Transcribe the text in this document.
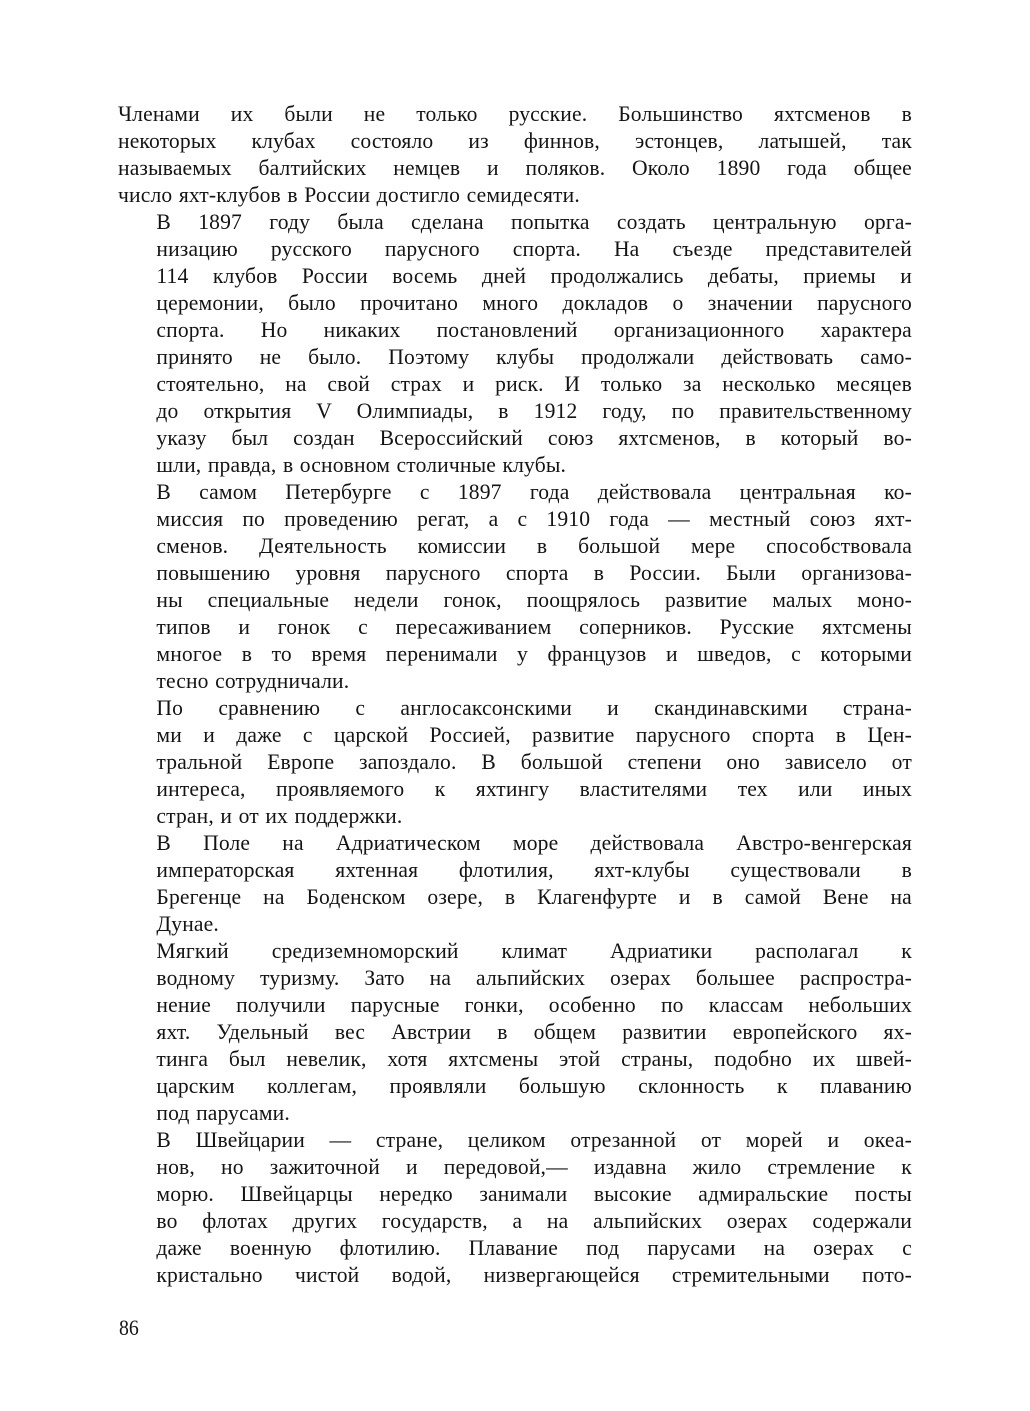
Членами их были не только русские. Большинство яхтсменов в
некоторых клубах состояло из финнов, эстонцев, латышей, так
называемых балтийских немцев и поляков. Около 1890 года общее
число яхт-клубов в России достигло семидесяти.

В 1897 году была сделана попытка создать центральную орга-
низацию русского парусного спорта. На съезде представителей
114 клубов России восемь дней продолжались дебаты, приемы и
церемонии, было прочитано много докладов о значении парусного
спорта. Но никаких постановлений организационного характера
принято не было. Поэтому клубы продолжали действовать само-
стоятельно, на свой страх и риск. И только за несколько месяцев
до открытия V Олимпиады, в 1912 году, по правительственному
указу был создан Всероссийский союз яхтсменов, в который во-
шли, правда, в основном столичные клубы.

В самом Петербурге с 1897 года действовала центральная ко-
миссия по проведению регат, а с 1910 года — местный союз яхт-
сменов. Деятельность комиссии в большой мере способствовала
повышению уровня парусного спорта в России. Были организова-
ны специальные недели гонок, поощрялось развитие малых моно-
типов и гонок с пересаживанием соперников. Русские яхтсмены
многое в то время перенимали у французов и шведов, с которыми
тесно сотрудничали.

По сравнению с англосаксонскими и скандинавскими страна-
ми и даже с царской Россией, развитие парусного спорта в Цен-
тральной Европе запоздало. В большой степени оно зависело от
интереса, проявляемого к яхтингу властителями тех или иных
стран, и от их поддержки.

В Поле на Адриатическом море действовала Австро-венгерская
императорская яхтенная флотилия, яхт-клубы существовали в
Брегенце на Боденском озере, в Клагенфурте и в самой Вене на
Дунае.

Мягкий средиземноморский климат Адриатики располагал к
водному туризму. Зато на альпийских озерах большее распростра-
нение получили парусные гонки, особенно по классам небольших
яхт. Удельный вес Австрии в общем развитии европейского ях-
тинга был невелик, хотя яхтсмены этой страны, подобно их швей-
царским коллегам, проявляли большую склонность к плаванию
под парусами.

В Швейцарии — стране, целиком отрезанной от морей и океа-
нов, но зажиточной и передовой,— издавна жило стремление к
морю. Швейцарцы нередко занимали высокие адмиральские посты
во флотах других государств, а на альпийских озерах содержали
даже военную флотилию. Плавание под парусами на озерах с
кристально чистой водой, низвергающейся стремительными пото-

86
